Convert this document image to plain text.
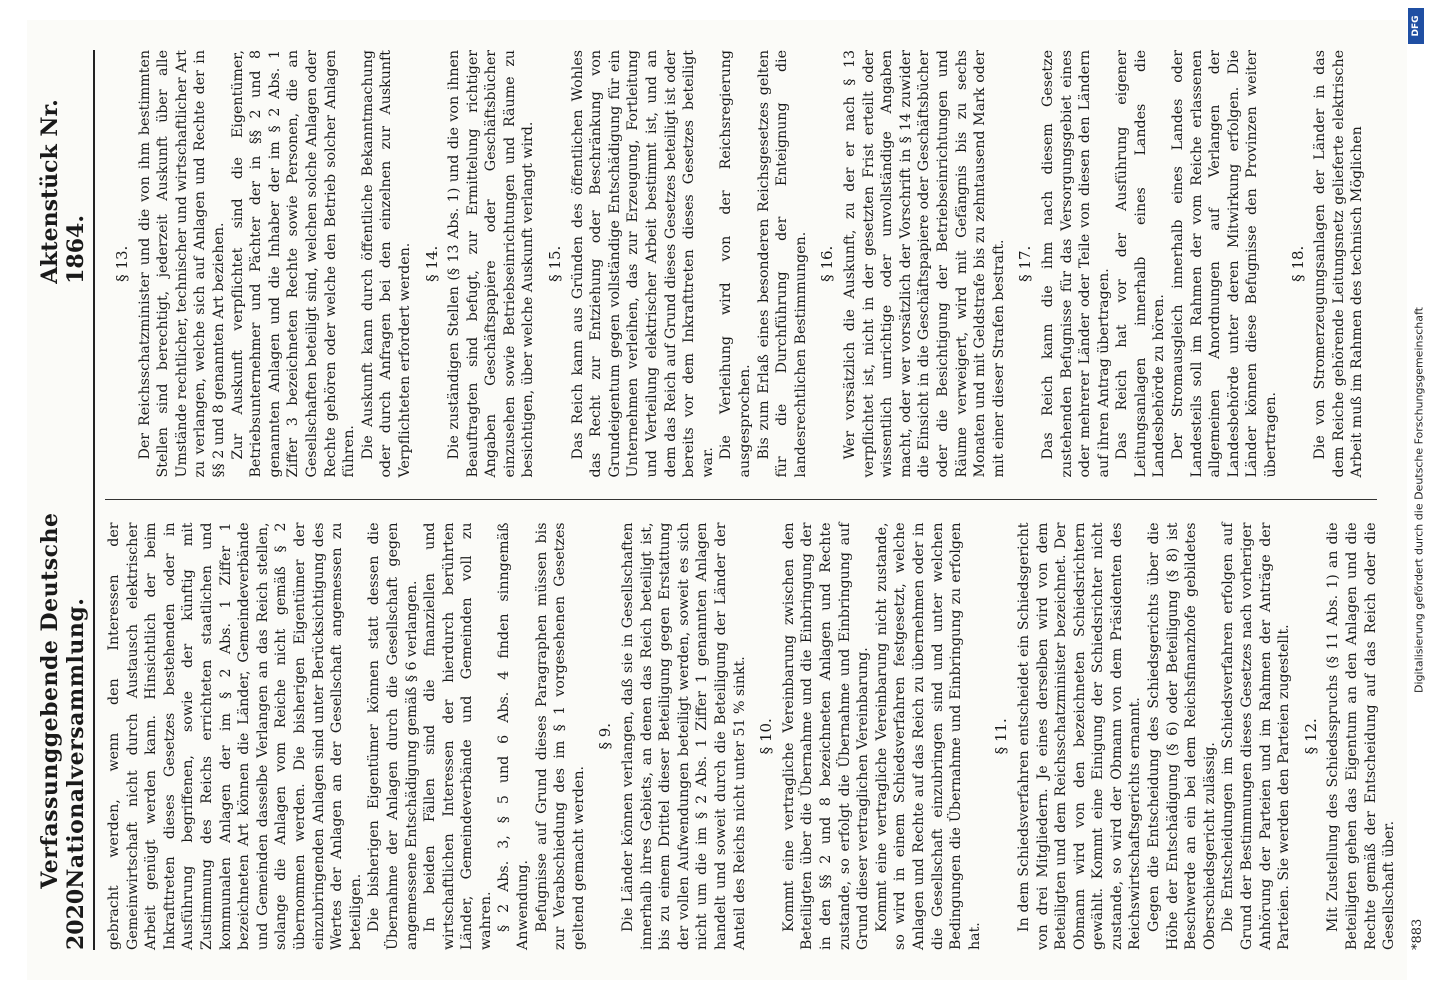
2020
Verfassunggebende Deutsche Nationalversammlung.
Aktenstück Nr. 1864.

gebracht werden, wenn den Interessen der Gemeinwirtschaft nicht durch Austausch elektrischer Arbeit genügt werden kann. Hinsichtlich der beim Inkrafttreten dieses Gesetzes bestehenden oder in Ausführung begriffenen, sowie der künftig mit Zustimmung des Reichs errichteten staatlichen und kommunalen Anlagen der im § 2 Abs. 1 Ziffer 1 bezeichneten Art können die Länder, Gemeindeverbände und Gemeinden dasselbe Verlangen an das Reich stellen, solange die Anlagen vom Reiche nicht gemäß § 2 übernommen werden. Die bisherigen Eigentümer der einzubringenden Anlagen sind unter Berücksichtigung des Wertes der Anlagen an der Gesellschaft angemessen zu beteiligen. Die bisherigen Eigentümer können statt dessen die Übernahme der Anlagen durch die Gesellschaft gegen angemessene Entschädigung gemäß § 6 verlangen. In beiden Fällen sind die finanziellen und wirtschaftlichen Interessen der hierdurch berührten Länder, Gemeindeverbände und Gemeinden voll zu wahren. § 2 Abs. 3, § 5 und 6 Abs. 4 finden sinngemäß Anwendung. Befugnisse auf Grund dieses Paragraphen müssen bis zur Verabschiedung des im § 1 vorgesehenen Gesetzes geltend gemacht werden.

§ 9. Die Länder können verlangen, daß sie in Gesellschaften innerhalb ihres Gebiets, an denen das Reich beteiligt ist, bis zu einem Drittel dieser Beteiligung gegen Erstattung der vollen Aufwendungen beteiligt werden, soweit es sich nicht um die im § 2 Abs. 1 Ziffer 1 genannten Anlagen handelt und soweit durch die Beteiligung der Länder der Anteil des Reichs nicht unter 51 % sinkt. § 10. Kommt eine vertragliche Vereinbarung zwischen den Beteiligten über die Übernahme und die Einbringung der in den §§ 2 und 8 bezeichneten Anlagen und Rechte zustande, so erfolgt die Übernahme und Einbringung auf Grund dieser vertraglichen Vereinbarung. Kommt eine vertragliche Vereinbarung nicht zustande, so wird in einem Schiedsverfahren festgesetzt, welche Anlagen und Rechte auf das Reich zu übernehmen oder in die Gesellschaft einzubringen sind und unter welchen Bedingungen die Übernahme und Einbringung zu erfolgen hat.

§ 11. In dem Schiedsverfahren entscheidet ein Schiedsgericht von drei Mitgliedern. Je eines derselben wird von dem Beteiligten und dem Reichsschatzminister bezeichnet. Der Obmann wird von den bezeichneten Schiedsrichtern gewählt. Kommt eine Einigung der Schiedsrichter nicht zustande, so wird der Obmann von dem Präsidenten des Reichswirtschaftsgerichts ernannt. Gegen die Entscheidung des Schiedsgerichts über die Höhe der Entschädigung (§ 6) oder Beteiligung (§ 8) ist Beschwerde an ein bei dem Reichsfinanzhofe gebildetes Oberschiedsgericht zulässig. Die Entscheidungen im Schiedsverfahren erfolgen auf Grund der Bestimmungen dieses Gesetzes nach vorheriger Anhörung der Parteien und im Rahmen der Anträge der Parteien. Sie werden den Parteien zugestellt. § 12. Mit Zustellung des Schiedsspruchs (§ 11 Abs. 1) an die Beteiligten gehen das Eigentum an den Anlagen und die Rechte gemäß der Entscheidung auf das Reich oder die Gesellschaft über. *883
§ 13. Der Reichsschatzminister und die von ihm bestimmten Stellen sind berechtigt, jederzeit Auskunft über alle Umstände rechtlicher, technischer und wirtschaftlicher Art zu verlangen, welche sich auf Anlagen und Rechte der in §§ 2 und 8 genannten Art beziehen. Zur Auskunft verpflichtet sind die Eigentümer, Betriebsunternehmer und Pächter der in §§ 2 und 8 genannten Anlagen und die Inhaber der im § 2 Abs. 1 Ziffer 3 bezeichneten Rechte sowie Personen, die an Gesellschaften beteiligt sind, welchen solche Anlagen oder Rechte gehören oder welche den Betrieb solcher Anlagen führen. Die Auskunft kann durch öffentliche Bekanntmachung oder durch Anfragen bei den einzelnen zur Auskunft Verpflichteten erfordert werden. § 14. Die zuständigen Stellen (§ 13 Abs. 1) und die von ihnen Beauftragten sind befugt, zur Ermittelung richtiger Angaben Geschäftspapiere oder Geschäftsbücher einzusehen sowie Betriebseinrichtungen und Räume zu besichtigen, über welche Auskunft verlangt wird. § 15. Das Reich kann aus Gründen des öffentlichen Wohles das Recht zur Entziehung oder Beschränkung von Grundeigentum gegen vollständige Entschädigung für ein Unternehmen verleihen, das zur Erzeugung, Fortleitung und Verteilung elektrischer Arbeit bestimmt ist, und an dem das Reich auf Grund dieses Gesetzes beteiligt ist oder bereits vor dem Inkrafttreten dieses Gesetzes beteiligt war.

Die Verleihung wird von der Reichsregierung ausgesprochen. Bis zum Erlaß eines besonderen Reichsgesetzes gelten für die Durchführung der Enteignung die landesrechtlichen Bestimmungen. § 16. Wer vorsätzlich die Auskunft, zu der er nach § 13 verpflichtet ist, nicht in der gesetzten Frist erteilt oder wissentlich unrichtige oder unvollständige Angaben macht, oder wer vorsätzlich der Vorschrift in § 14 zuwider die Einsicht in die Geschäftspapiere oder Geschäftsbücher oder die Besichtigung der Betriebseinrichtungen und Räume verweigert, wird mit Gefängnis bis zu sechs Monaten und mit Geldstrafe bis zu zehntausend Mark oder mit einer dieser Strafen bestraft. § 17. Das Reich kann die ihm nach diesem Gesetze zustehenden Befugnisse für das Versorgungsgebiet eines oder mehrerer Länder oder Teile von diesen den Ländern auf ihren Antrag übertragen. Das Reich hat vor der Ausführung eigener Leitungsanlagen innerhalb eines Landes die Landesbehörde zu hören. Der Stromausgleich innerhalb eines Landes oder Landesteils soll im Rahmen der vom Reiche erlassenen allgemeinen Anordnungen auf Verlangen der Landesbehörde unter deren Mitwirkung erfolgen. Die Länder können diese Befugnisse den Provinzen weiter übertragen.

§ 18. Die von Stromerzeugungsanlagen der Länder in das dem Reiche gehörende Leitungsnetz gelieferte elektrische Arbeit muß im Rahmen des technisch Möglichen

DFG
Digitalisierung gefördert durch die Deutsche Forschungsgemeinschaft
